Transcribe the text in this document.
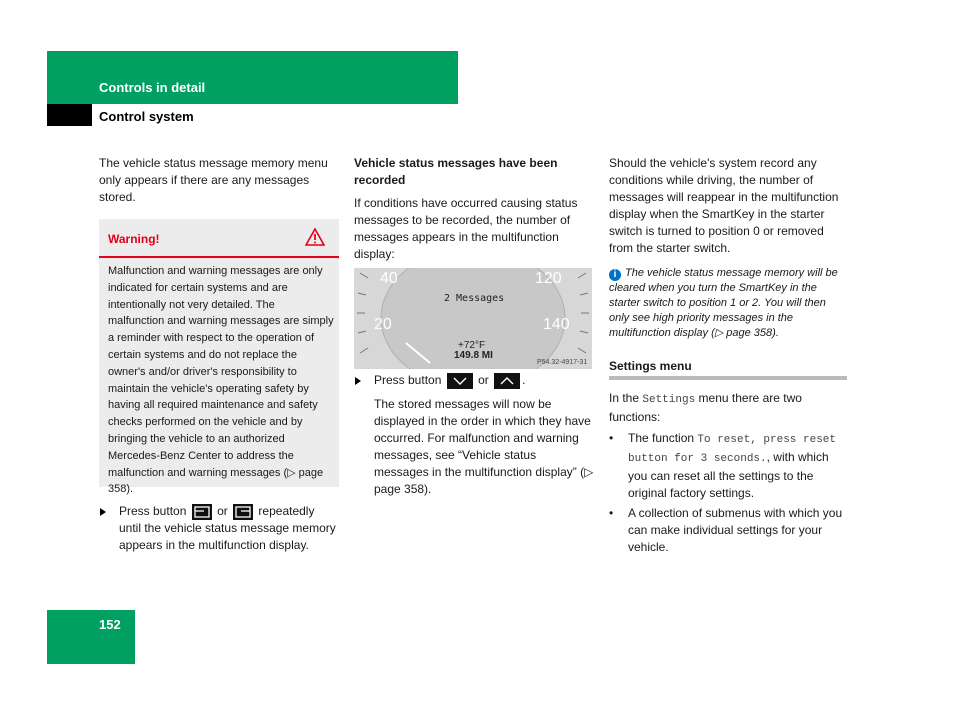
Controls in detail
Control system
The vehicle status message memory menu only appears if there are any messages stored.
Warning!
Malfunction and warning messages are only indicated for certain systems and are intentionally not very detailed. The malfunction and warning messages are simply a reminder with respect to the operation of certain systems and do not replace the owner's and/or driver's responsibility to maintain the vehicle's operating safety by having all required maintenance and safety checks performed on the vehicle and by bringing the vehicle to an authorized Mercedes-Benz Center to address the malfunction and warning messages (▷ page 358).
Press button	or	repeatedly until the vehicle status message memory appears in the multifunction display.
Vehicle status messages have been recorded
If conditions have occurred causing status messages to be recorded, the number of messages appears in the multifunction display:
40
20
120
140
2 Messages
+72°F
149.8 MI
P54.32-4917-31
Press button	or	.
The stored messages will now be displayed in the order in which they have occurred. For malfunction and warning messages, see “Vehicle status messages in the multifunction display” (▷ page 358).
Should the vehicle's system record any conditions while driving, the number of messages will reappear in the multifunction display when the SmartKey in the starter switch is turned to position 0 or removed from the starter switch.
i The vehicle status message memory will be cleared when you turn the SmartKey in the starter switch to position 1 or 2. You will then only see high priority messages in the multifunction display (▷ page 358).
Settings menu
In the Settings menu there are two functions:
• The function To reset, press reset button for 3 seconds., with which you can reset all the settings to the original factory settings.
• A collection of submenus with which you can make individual settings for your vehicle.
152
